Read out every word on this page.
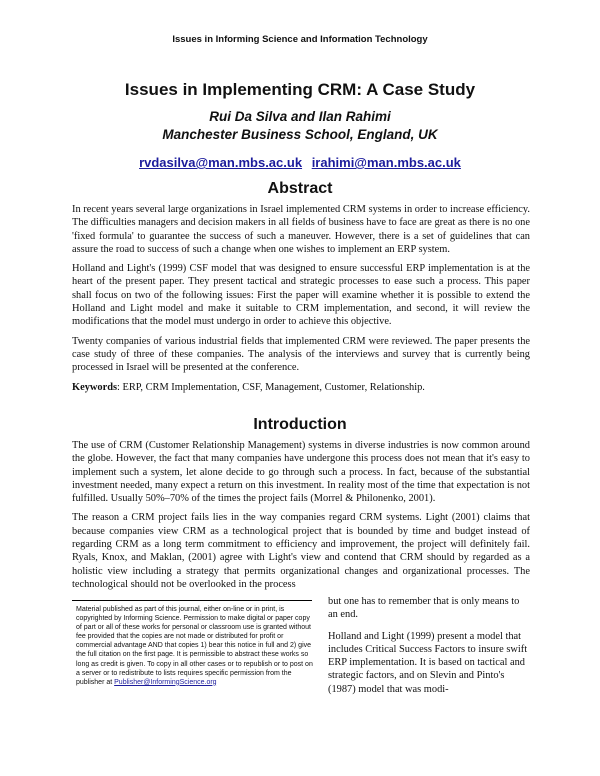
Issues in Informing Science and Information Technology
Issues in Implementing CRM: A Case Study
Rui Da Silva and Ilan Rahimi
Manchester Business School, England, UK
rvdasilva@man.mbs.ac.uk irahimi@man.mbs.ac.uk
Abstract

In recent years several large organizations in Israel implemented CRM systems in order to increase efficiency. The difficulties managers and decision makers in all fields of business have to face are great as there is no one 'fixed formula' to guarantee the success of such a maneuver. However, there is a set of guidelines that can assure the road to success of such a change when one wishes to implement an ERP system.

Holland and Light's (1999) CSF model that was designed to ensure successful ERP implementation is at the heart of the present paper. They present tactical and strategic processes to ease such a process. This paper shall focus on two of the following issues: First the paper will examine whether it is possible to extend the Holland and Light model and make it suitable to CRM implementation, and second, it will review the modifications that the model must undergo in order to achieve this objective.

Twenty companies of various industrial fields that implemented CRM were reviewed. The paper presents the case study of three of these companies. The analysis of the interviews and survey that is currently being processed in Israel will be presented at the conference.

Keywords: ERP, CRM Implementation, CSF, Management, Customer, Relationship.

Introduction

The use of CRM (Customer Relationship Management) systems in diverse industries is now common around the globe. However, the fact that many companies have undergone this process does not mean that it's easy to implement such a system, let alone decide to go through such a process. In fact, because of the substantial investment needed, many expect a return on this investment. In reality most of the time that expectation is not fulfilled. Usually 50%–70% of the times the project fails (Morrel & Philonenko, 2001).

The reason a CRM project fails lies in the way companies regard CRM systems. Light (2001) claims that because companies view CRM as a technological project that is bounded by time and budget instead of regarding CRM as a long term commitment to efficiency and improvement, the project will definitely fail. Ryals, Knox, and Maklan, (2001) agree with Light's view and contend that CRM should by regarded as a holistic view including a strategy that permits organizational changes and organizational processes. The technological should not be overlooked in the process

Material published as part of this journal, either on-line or in print, is copyrighted by Informing Science. Permission to make digital or paper copy of part or all of these works for personal or classroom use is granted without fee provided that the copies are not made or distributed for profit or commercial advantage AND that copies 1) bear this notice in full and 2) give the full citation on the first page. It is permissible to abstract these works so long as credit is given. To copy in all other cases or to republish or to post on a server or to redistribute to lists requires specific permission from the publisher at Publisher@InformingScience.org

but one has to remember that is only means to an end.

Holland and Light (1999) present a model that includes Critical Success Factors to insure swift ERP implementation. It is based on tactical and strategic factors, and on Slevin and Pinto's (1987) model that was modi-
